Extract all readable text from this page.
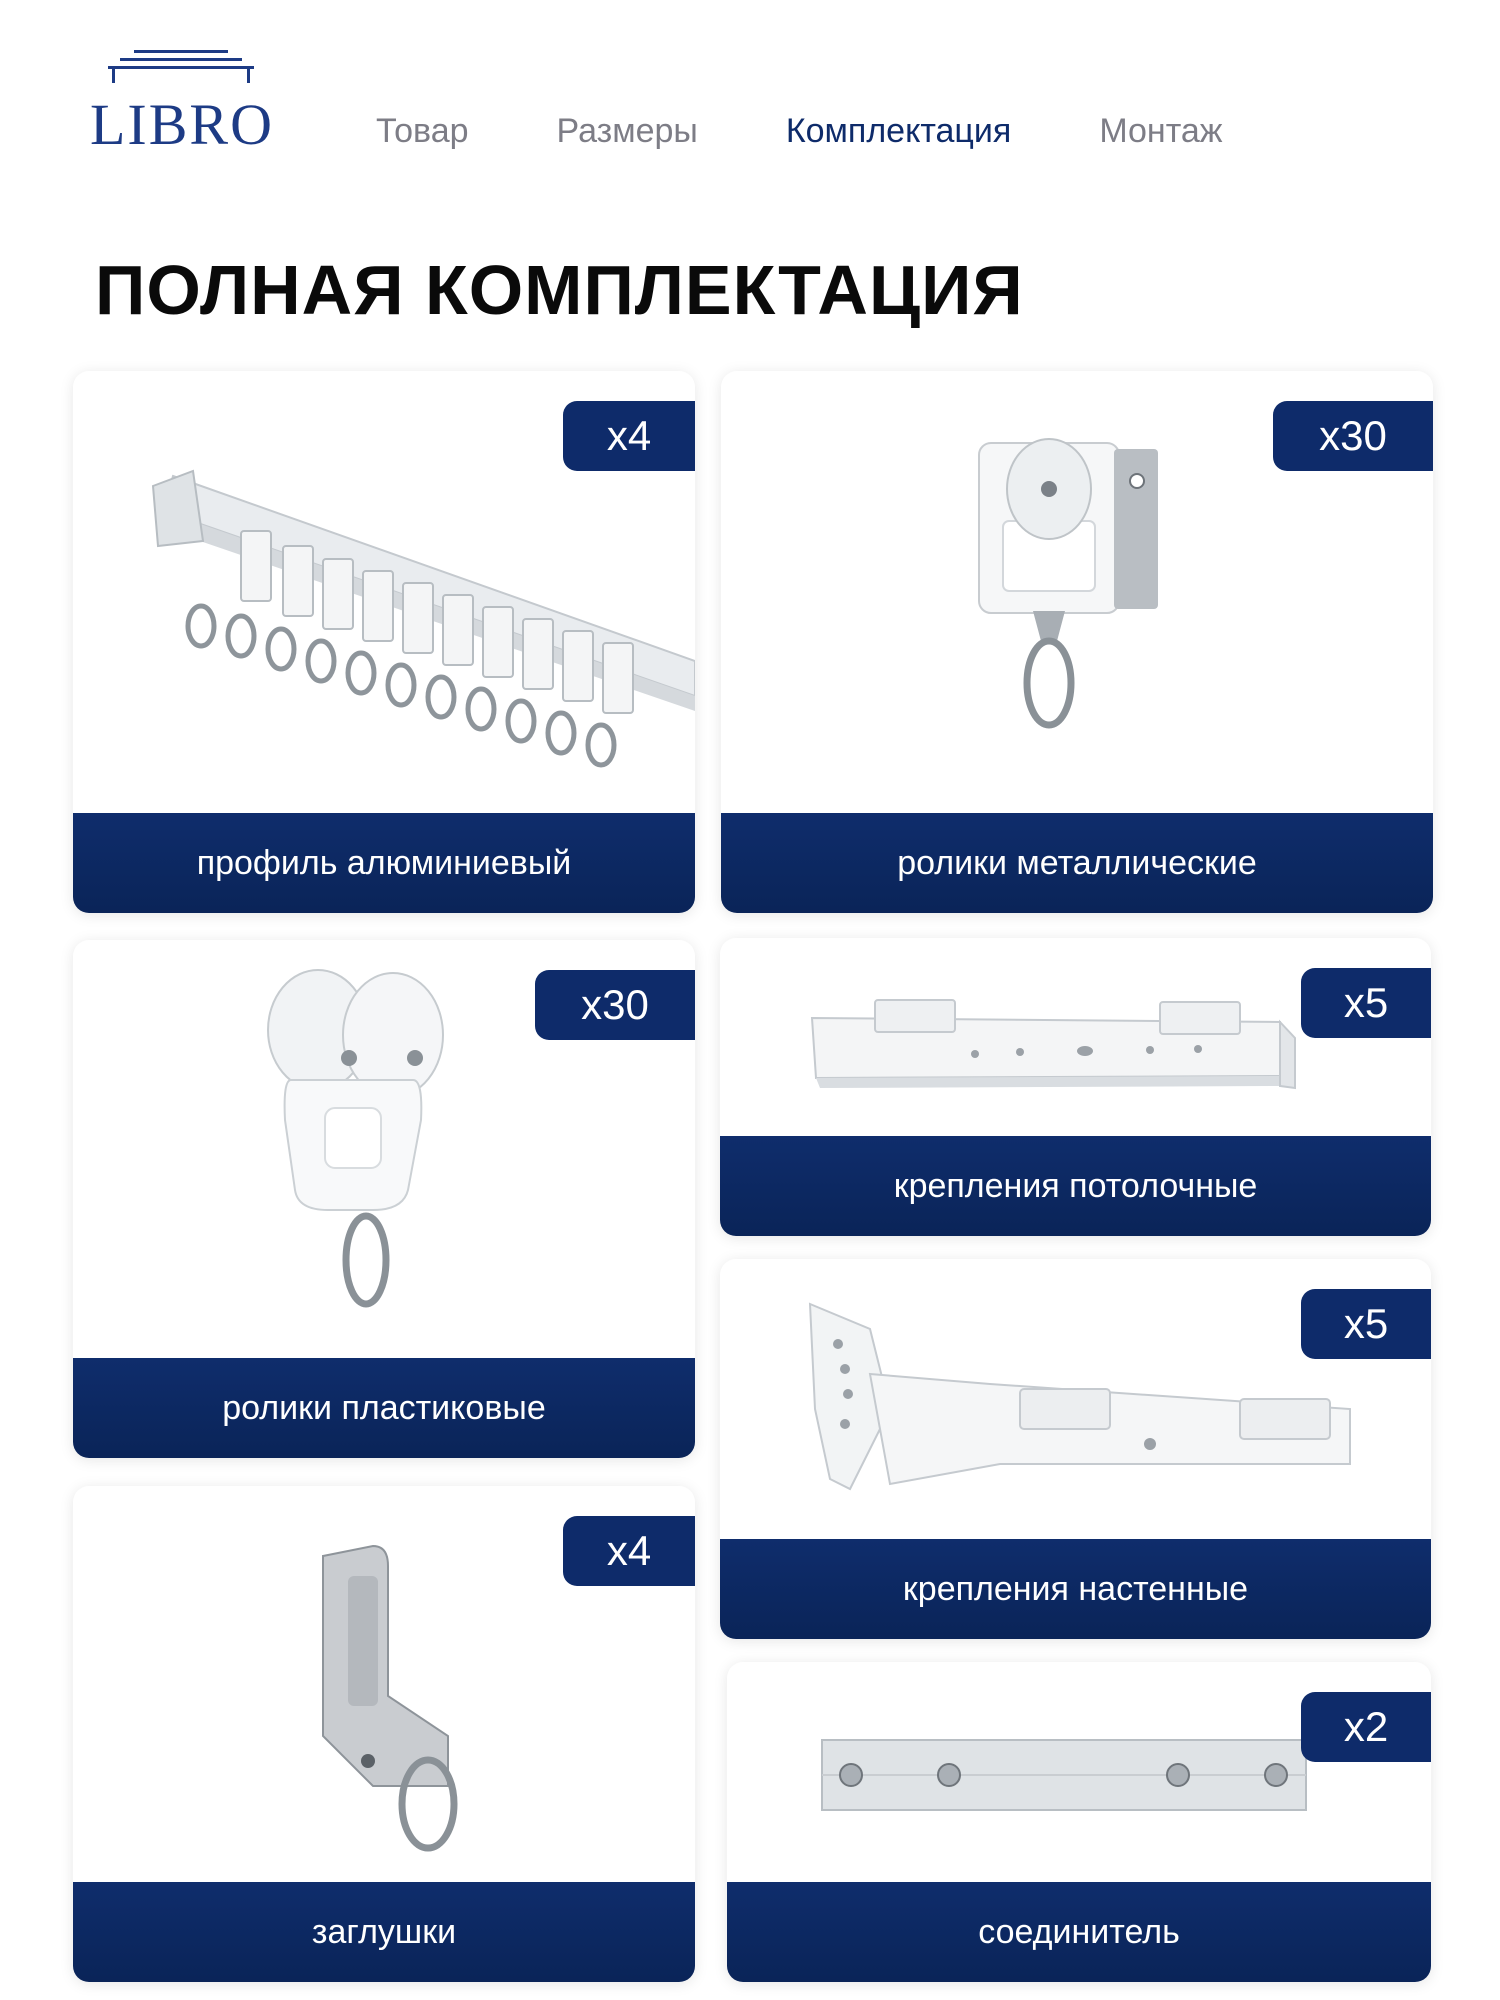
LIBRO	Товар	Размеры	Комплектация	Монтаж
ПОЛНАЯ КОМПЛЕКТАЦИЯ
x4
профиль алюминиевый
x30
ролики металлические
x30
ролики пластиковые
x5
крепления потолочные
x5
крепления настенные
x4
заглушки
x2
соединитель
